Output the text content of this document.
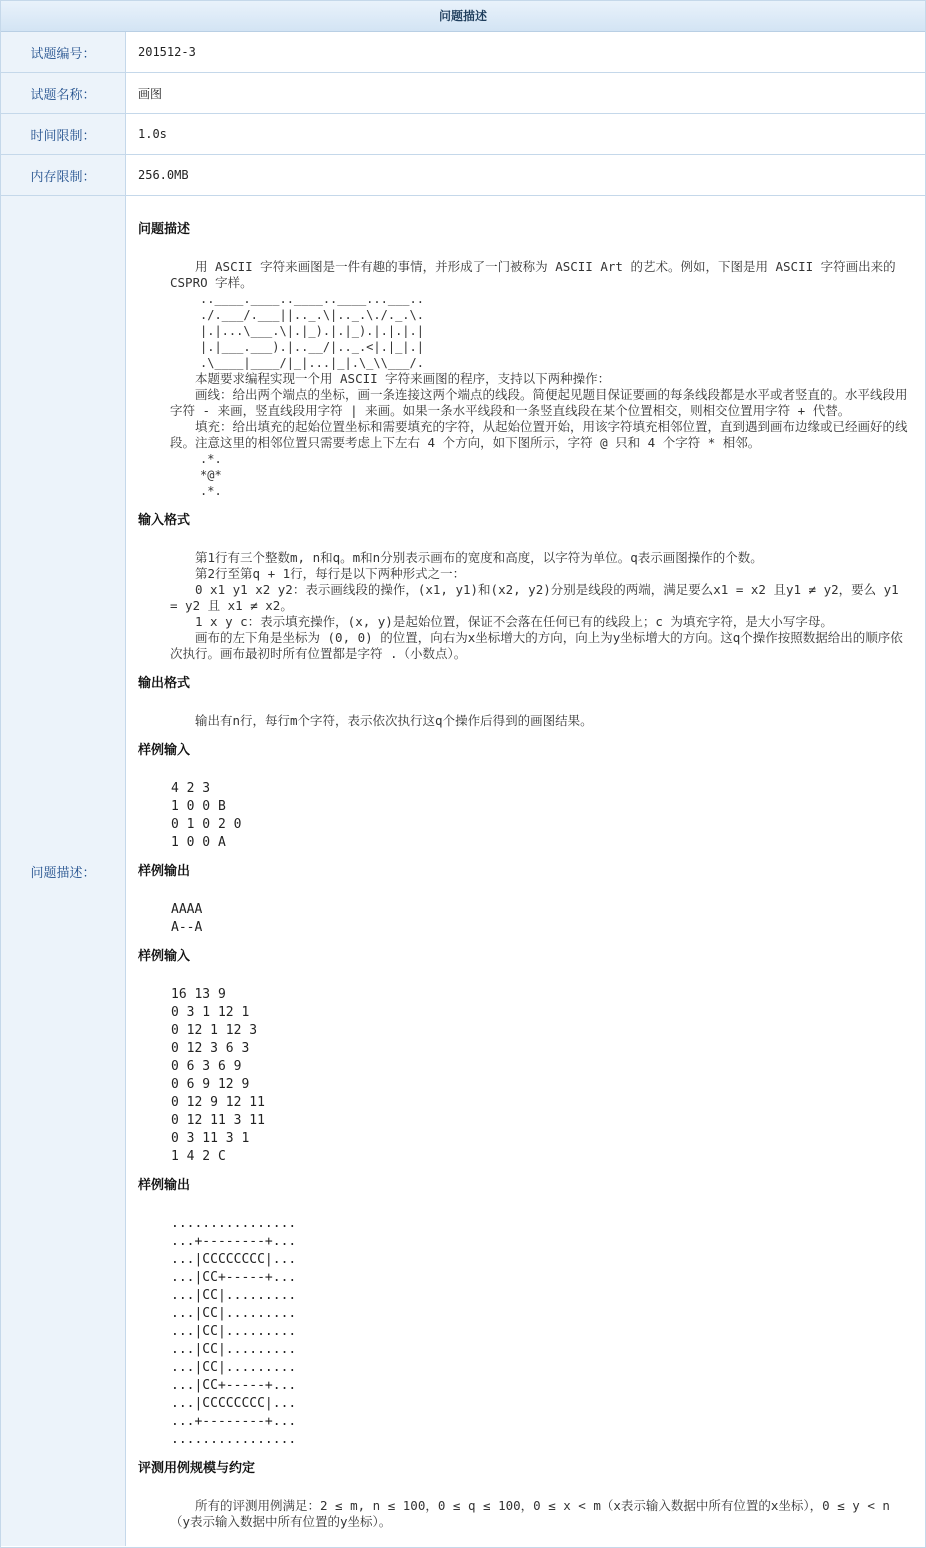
问题描述
试题编号：	201512-3
试题名称：	画图
时间限制：	1.0s
内存限制：	256.0MB
问题描述：
问题描述

用 ASCII 字符来画图是一件有趣的事情，并形成了一门被称为 ASCII Art 的艺术。例如，下图是用 ASCII 字符画出来的 CSPRO 字样。

..____.____..____..____...___..
./.___/.___||.._.\|.._.\./._.\.
|.|...\___.\|.|_).|.|_).|.|.|.|
|.|___.___).|..__/|.._.<|.|_|.|
.\____|____/|_|...|_|.\_\\___/.

本题要求编程实现一个用 ASCII 字符来画图的程序，支持以下两种操作：

画线：给出两个端点的坐标，画一条连接这两个端点的线段。简便起见题目保证要画的每条线段都是水平或者竖直的。水平线段用字符 - 来画，竖直线段用字符 | 来画。如果一条水平线段和一条竖直线段在某个位置相交，则相交位置用字符 + 代替。

填充：给出填充的起始位置坐标和需要填充的字符，从起始位置开始，用该字符填充相邻位置，直到遇到画布边缘或已经画好的线段。注意这里的相邻位置只需要考虑上下左右 4 个方向，如下图所示，字符 @ 只和 4 个字符 * 相邻。

.*.
*@*
.*.
输入格式

第1行有三个整数m, n和q。m和n分别表示画布的宽度和高度，以字符为单位。q表示画图操作的个数。

第2行至第q + 1行，每行是以下两种形式之一：

0 x1 y1 x2 y2：表示画线段的操作，(x1, y1)和(x2, y2)分别是线段的两端，满足要么x1 = x2 且y1 ≠ y2，要么 y1 = y2 且 x1 ≠ x2。

1 x y c：表示填充操作，(x, y)是起始位置，保证不会落在任何已有的线段上；c 为填充字符，是大小写字母。

画布的左下角是坐标为 (0, 0) 的位置，向右为x坐标增大的方向，向上为y坐标增大的方向。这q个操作按照数据给出的顺序依次执行。画布最初时所有位置都是字符 .（小数点）。

输出格式

输出有n行，每行m个字符，表示依次执行这q个操作后得到的画图结果。

样例输入
4 2 3
1 0 0 B
0 1 0 2 0
1 0 0 A
样例输出
AAAA
A--A
样例输入
16 13 9
0 3 1 12 1
0 12 1 12 3
0 12 3 6 3
0 6 3 6 9
0 6 9 12 9
0 12 9 12 11
0 12 11 3 11
0 3 11 3 1
1 4 2 C
样例输出
................
...+--------+...
...|CCCCCCCC|...
...|CC+-----+...
...|CC|.........
...|CC|.........
...|CC|.........
...|CC|.........
...|CC|.........
...|CC+-----+...
...|CCCCCCCC|...
...+--------+...
................
评测用例规模与约定

所有的评测用例满足：2 ≤ m, n ≤ 100，0 ≤ q ≤ 100，0 ≤ x < m（x表示输入数据中所有位置的x坐标），0 ≤ y < n（y表示输入数据中所有位置的y坐标）。
